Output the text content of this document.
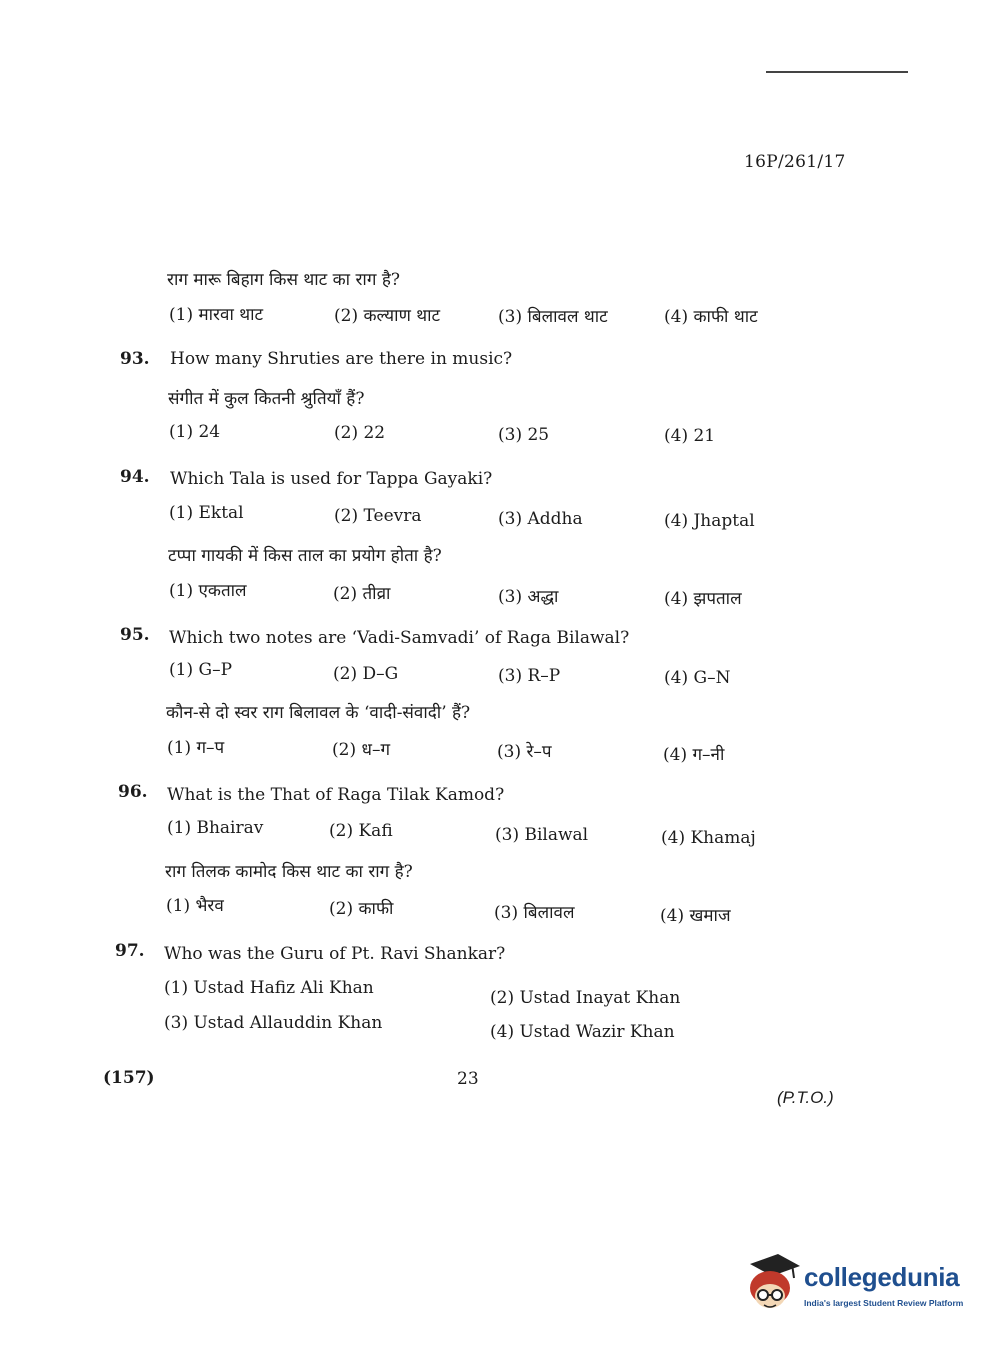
16P/261/17
राग मारू बिहाग किस थाट का राग है?
(1) मारवा थाट	(2) कल्याण थाट	(3) बिलावल थाट	(4) काफी थाट
93. How many Shruties are there in music?
संगीत में कुल कितनी श्रुतियाँ हैं?
(1) 24	(2) 22	(3) 25	(4) 21
94. Which Tala is used for Tappa Gayaki?
(1) Ektal	(2) Teevra	(3) Addha	(4) Jhaptal
टप्पा गायकी में किस ताल का प्रयोग होता है?
(1) एकताल	(2) तीव्रा	(3) अद्धा	(4) झपताल
95. Which two notes are ‘Vadi-Samvadi’ of Raga Bilawal?
(1) G–P	(2) D–G	(3) R–P	(4) G–N
कौन-से दो स्वर राग बिलावल के ‘वादी-संवादी’ हैं?
(1) ग–प	(2) ध–ग	(3) रे–प	(4) ग–नी
96. What is the That of Raga Tilak Kamod?
(1) Bhairav	(2) Kafi	(3) Bilawal	(4) Khamaj
राग तिलक कामोद किस थाट का राग है?
(1) भैरव	(2) काफी	(3) बिलावल	(4) खमाज
97. Who was the Guru of Pt. Ravi Shankar?
(1) Ustad Hafiz Ali Khan	(2) Ustad Inayat Khan
(3) Ustad Allauddin Khan	(4) Ustad Wazir Khan
(157)	23
(P.T.O.)
collegedunia
India's largest Student Review Platform
